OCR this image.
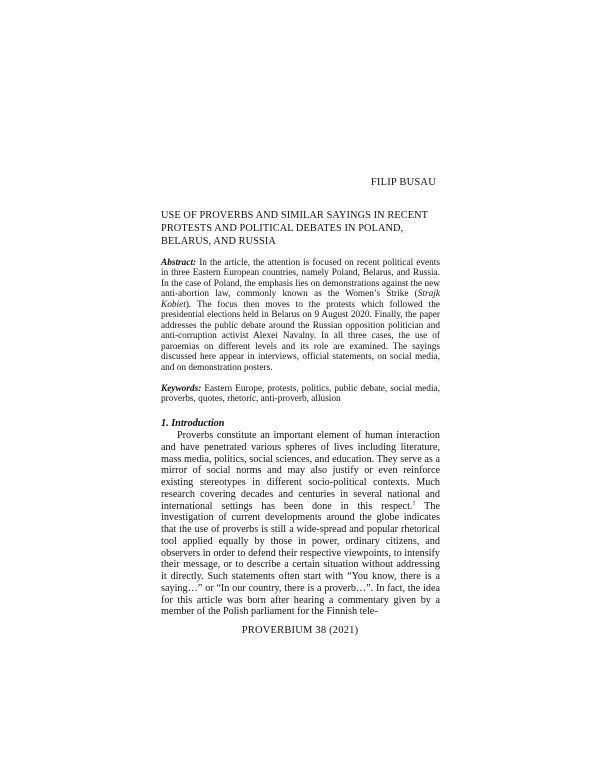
FILIP BUSAU
USE OF PROVERBS AND SIMILAR SAYINGS IN RECENT PROTESTS AND POLITICAL DEBATES IN POLAND, BELARUS, AND RUSSIA
Abstract: In the article, the attention is focused on recent political events in three Eastern European countries, namely Poland, Belarus, and Russia. In the case of Poland, the emphasis lies on demonstrations against the new anti-abortion law, commonly known as the Women’s Strike (Strajk Kobiet). The focus then moves to the protests which followed the presidential elections held in Belarus on 9 August 2020. Finally, the paper addresses the public debate around the Russian opposition politician and anti-corruption activist Alexei Navalny. In all three cases, the use of paroemias on different levels and its role are examined. The sayings discussed here appear in interviews, official statements, on social media, and on demonstration posters.
Keywords: Eastern Europe, protests, politics, public debate, social media, proverbs, quotes, rhetoric, anti-proverb, allusion
1. Introduction

Proverbs constitute an important element of human interaction and have penetrated various spheres of lives including literature, mass media, politics, social sciences, and education. They serve as a mirror of social norms and may also justify or even reinforce existing stereotypes in different socio-political contexts. Much research covering decades and centuries in several national and international settings has been done in this respect.$^1$ The investigation of current developments around the globe indicates that the use of proverbs is still a wide-spread and popular rhetorical tool applied equally by those in power, ordinary citizens, and observers in order to defend their respective viewpoints, to intensify their message, or to describe a certain situation without addressing it directly. Such statements often start with “You know, there is a saying…” or “In our country, there is a proverb…”. In fact, the idea for this article was born after hearing a commentary given by a member of the Polish parliament for the Finnish tele-

PROVERBIUM 38 (2021)
